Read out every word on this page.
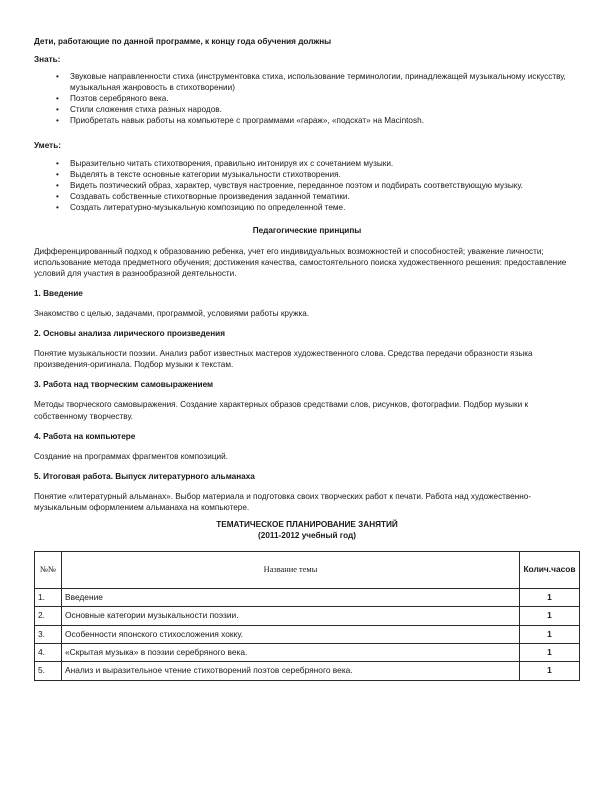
Дети, работающие по данной программе, к концу года обучения должны
Знать:
• Звуковые направленности стиха (инструментовка стиха, использование терминологии, принадлежащей музыкальному искусству, музыкальная жанровость в стихотворении)
• Поэтов серебряного века.
• Стили сложения стиха разных народов.
• Приобретать навык работы на компьютере с программами «гараж», «подскат» на Macintosh.
Уметь:
• Выразительно читать стихотворения, правильно интонируя их с сочетанием музыки.
• Выделять в тексте основные категории музыкальности стихотворения.
• Видеть поэтический образ, характер, чувствуя настроение, переданное поэтом и подбирать соответствующую музыку.
• Создавать собственные стихотворные произведения заданной тематики.
• Создать литературно-музыкальную композицию по определенной теме.
Педагогические принципы

Дифференцированный подход к образованию ребенка, учет его индивидуальных возможностей и способностей; уважение личности; использование метода предметного обучения; достижения качества, самостоятельного поиска художественного решения: предоставление условий для участия в разнообразной деятельности.

1. Введение

Знакомство с целью, задачами, программой, условиями работы кружка.

2. Основы анализа лирического произведения

Понятие музыкальности поэзии. Анализ работ известных мастеров художественного слова. Средства передачи образности языка произведения-оригинала. Подбор музыки к текстам.

3. Работа над творческим самовыражением

Методы творческого самовыражения. Создание характерных образов средствами слов, рисунков, фотографии. Подбор музыки к собственному творчеству.

4. Работа на компьютере

Создание на программах фрагментов композиций.

5. Итоговая работа. Выпуск литературного альманаха

Понятие «литературный альманах». Выбор материала и подготовка своих творческих работ к печати. Работа над художественно-музыкальным оформлением альманаха на компьютере.

ТЕМАТИЧЕСКОЕ ПЛАНИРОВАНИЕ ЗАНЯТИЙ
(2011-2012 учебный год)
№№	Название темы	Колич.часов
1.	Введение	1
2.	Основные категории музыкальности поэзии.	1
3.	Особенности японского стихосложения хокку.	1
4.	«Скрытая музыка» в поэзии серебряного века.	1
5.	Анализ и выразительное чтение стихотворений поэтов серебряного века.	1
